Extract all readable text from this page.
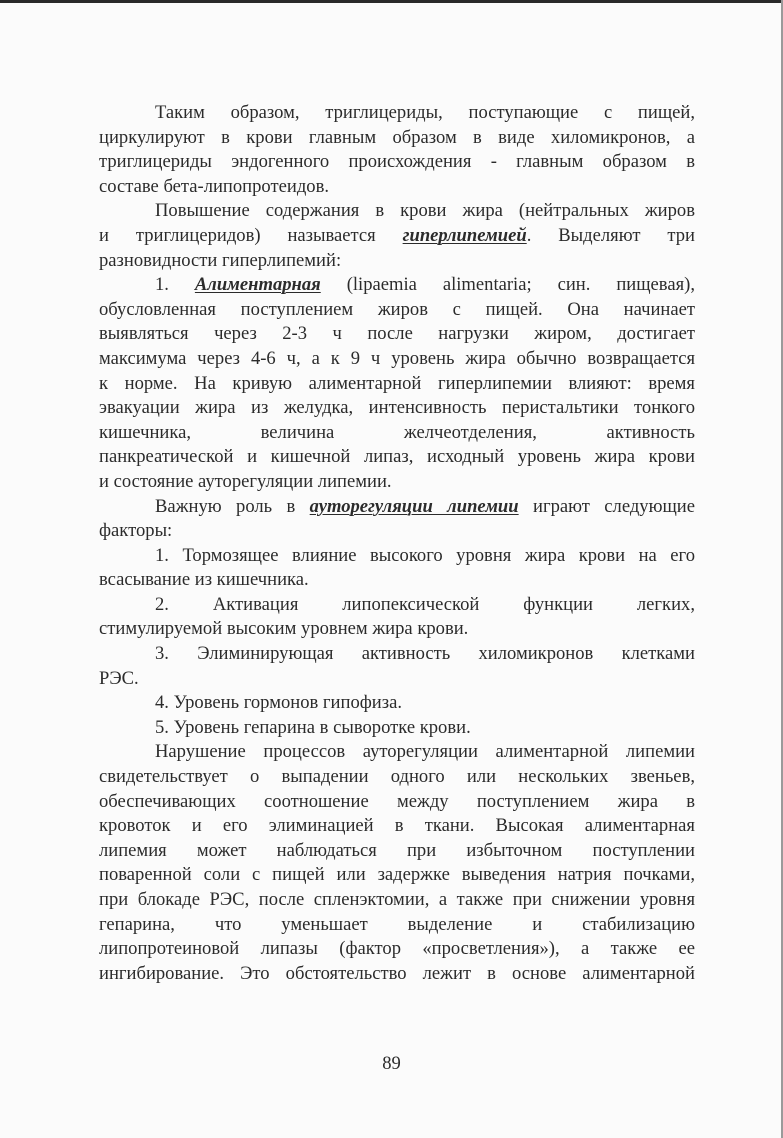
Таким образом, триглицериды, поступающие с пищей,
циркулируют в крови главным образом в виде хиломикронов, а
триглицериды эндогенного происхождения - главным образом в
составе бета-липопротеидов.
Повышение содержания в крови жира (нейтральных жиров
и триглицеридов) называется гиперлипемией. Выделяют три
разновидности гиперлипемий:
1. Алиментарная (lipaemia alimentaria; син. пищевая),
обусловленная поступлением жиров с пищей. Она начинает
выявляться через 2-3 ч после нагрузки жиром, достигает
максимума через 4-6 ч, а к 9 ч уровень жира обычно возвращается
к норме. На кривую алиментарной гиперлипемии влияют: время
эвакуации жира из желудка, интенсивность перистальтики тонкого
кишечника, величина желчеотделения, активность
панкреатической и кишечной липаз, исходный уровень жира крови
и состояние ауторегуляции липемии.
Важную роль в ауторегуляции липемии играют следующие
факторы:
1. Тормозящее влияние высокого уровня жира крови на его
всасывание из кишечника.
2. Активация липопексической функции легких,
стимулируемой высоким уровнем жира крови.
3. Элиминирующая активность хиломикронов клетками
РЭС.
4. Уровень гормонов гипофиза.
5. Уровень гепарина в сыворотке крови.
Нарушение процессов ауторегуляции алиментарной липемии
свидетельствует о выпадении одного или нескольких звеньев,
обеспечивающих соотношение между поступлением жира в
кровоток и его элиминацией в ткани. Высокая алиментарная
липемия может наблюдаться при избыточном поступлении
поваренной соли с пищей или задержке выведения натрия почками,
при блокаде РЭС, после спленэктомии, а также при снижении уровня
гепарина, что уменьшает выделение и стабилизацию
липопротеиновой липазы (фактор «просветления»), а также ее
ингибирование. Это обстоятельство лежит в основе алиментарной
89
